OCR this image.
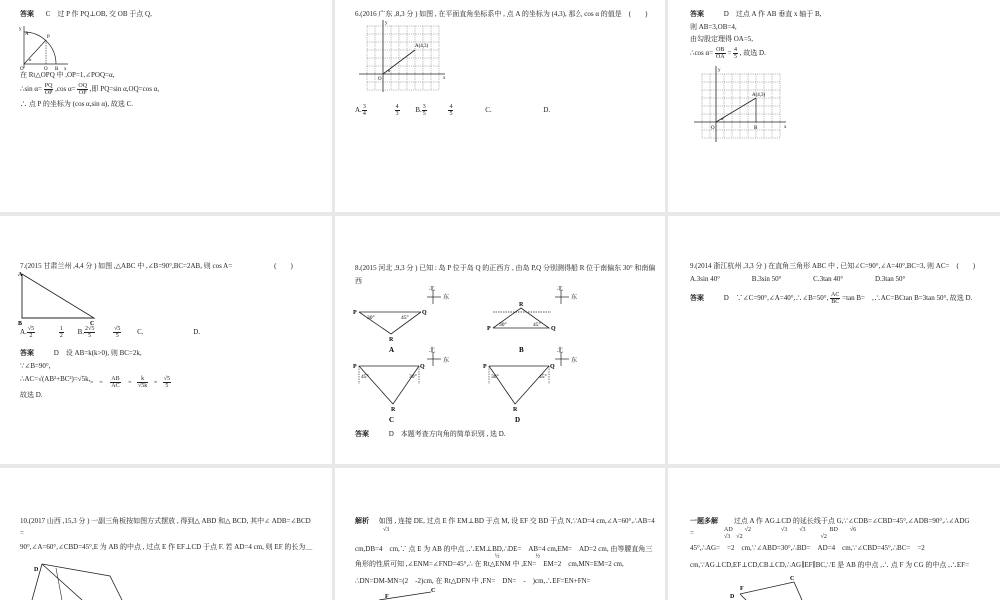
答案 C　过 P 作 PQ⊥OB, 交 OB 于点 Q,
y
P
A
O	Q B x
α
在 Rt△OPQ 中 ,OP=1,∠POQ=α,
∴sin $\alpha= \frac{PQ}{OP} ,\cos$ $\alpha= \frac{OQ}{OP}$ ,即 PQ=sin α,OQ=cos α,
∴ 点 P 的坐标为 (cos α,sin α), 故选 C.
6.(2016 广东 ,8,3 分 ) 如图 , 在平面直角坐标系中 , 点 A 的坐标为 (4,3), 那么 cos α 的值是　(　　)
y
A(4,3)
x
O
α
A. $\frac{3}{4}$
	$\frac{4}{3} B$. $\frac{3}{5}$
	$\frac{4}{5}$	C.	D.
答案	D　过点 A 作 AB 垂直 x 轴于 B,
则 AB=3,OB=4,
由勾股定理得 OA=5,
∴cos $\alpha= \frac{OB}{OA} = \frac{4}{5}$ , 故选 D.
y
A(4,3)
x
O	B
α
7.(2015 甘肃兰州 ,4,4 分 ) 如图 ,△ABC 中 ,∠B=90°,BC=2AB, 则 cos A=　　　　　　(　　)
A
B	C
A. $\frac{√5}{2}$
	$\frac{1}{2} B$. $\frac{2√5}{5}$
	$\frac{√5}{5} C$.	D.
答案	D　设 AB=k(k>0), 则 BC=2k,
∵∠B=90°,
∴AC=√(AB²+BC²)=√5k, =　= $\frac{AB}{AC} = \frac{k}{√5k} = \frac{√5}{5}$
故选 D.
8.(2015 河北 ,9,3 分 ) 已知 : 岛 P 位于岛 Q 的正西方 , 由岛 P,Q 分别测得船 R 位于南偏东 30° 和南偏
西
北
东
P	Q
R
30°	45°
A
北
东
P	Q
R
30°	45°
B
北
东
P	Q
R
45°	30°
C
北
东
P	Q
R
30°	45°
D
答案	D　本题考查方向角的简单识别 , 选 D.
9.(2014 浙江杭州 ,3,3 分 ) 在直角三角形 ABC 中 , 已知∠C=90°,∠A=40°,BC=3, 则 AC=　(　　)
A.3sin 40°	B.3sin 50°	C.3tan 40°	D.3tan 50°
答案	D　∵∠C=90°,∠A=40°,∴∠B=50°, $\frac{AC}{BC} =\tan$ B=　,∴AC=BCtan B=3tan 50°, 故选 D.
10.(2017 山西 ,15,3 分 ) 一副三角板按如图方式摆放 , 得到△ ABD 和△ BCD, 其中∠ ADB=∠BCD
=
90°,∠A=60°,∠CBD=45°,E 为 AB 的中点 , 过点 E 作 EF⊥CD 于点 F. 若 AD=4 cm, 则 EF 的长为＿
D
解析 如图 , 连接 DE, 过点 E 作 EM⊥BD 于点 M, 设 EF 交 BD 于点 N,∵AD=4 cm,∠A=60°,∴AB=4
√3
cm,DB=4　cm,∵ 点 E 为 AB 的中点 ,∴EM⊥BD,∴DE=　AB=4 cm,EM=　AD=2 cm, 由等腰直角三
½　　　　　　½
角形的性质可知 ,∠ENM=∠FND=45°,∴ 在 Rt△ENM 中 ,EN=　EM=2　cm,MN=EM=2 cm,
∴DN=DM-MN=(2　-2)cm, 在 Rt△DFN 中 ,FN=　DN=　-　)cm,∴EF=EN+FN=
C
F
一题多解 过点 A 作 AG⊥CD 的延长线于点 G,∵∠CDB=∠CBD=45°,∠ADB=90°,∴∠ADG
=	AD　　√2　　　　　√3　　√3　　　　BD　　√6
√3　√2　　　　　　　　　　　　　√2
45°,∴AG=　=2　cm,∵∠ABD=30°,∴BD=　AD=4　cm,∵∠CBD=45°,∴BC=　=2
cm,∵AG⊥CD,EF⊥CD,CB⊥CD,∴AG∥EF∥BC,∵E 是 AB 的中点 ,∴ 点 F 为 CG 的中点 ,∴EF=
C
D
F
